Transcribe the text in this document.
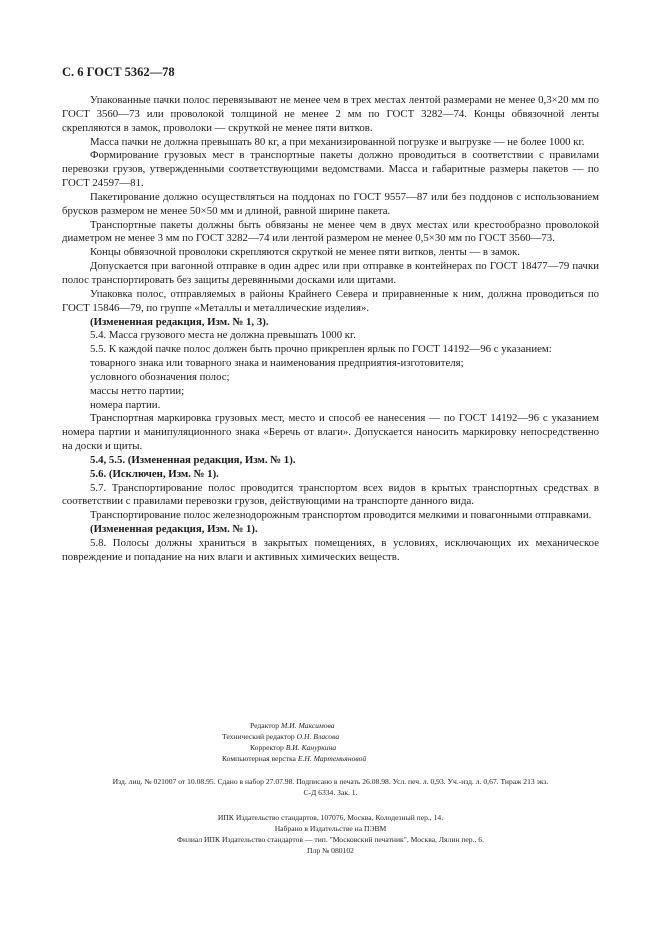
С. 6 ГОСТ 5362—78

Упакованные пачки полос перевязывают не менее чем в трех местах лентой размерами не менее 0,3×20 мм по ГОСТ 3560—73 или проволокой толщиной не менее 2 мм по ГОСТ 3282—74. Концы обвязочной ленты скрепляются в замок, проволоки — скруткой не менее пяти витков.

Масса пачки не должна превышать 80 кг, а при механизированной погрузке и выгрузке — не более 1000 кг.

Формирование грузовых мест в транспортные пакеты должно проводиться в соответствии с правилами перевозки грузов, утвержденными соответствующими ведомствами. Масса и габаритные размеры пакетов — по ГОСТ 24597—81.

Пакетирование должно осуществляться на поддонах по ГОСТ 9557—87 или без поддонов с использованием брусков размером не менее 50×50 мм и длиной, равной ширине пакета.

Транспортные пакеты должны быть обвязаны не менее чем в двух местах или крестообразно проволокой диаметром не менее 3 мм по ГОСТ 3282—74 или лентой размером не менее 0,5×30 мм по ГОСТ 3560—73.

Концы обвязочной проволоки скрепляются скруткой не менее пяти витков, ленты — в замок.

Допускается при вагонной отправке в один адрес или при отправке в контейнерах по ГОСТ 18477—79 пачки полос транспортировать без защиты деревянными досками или щитами.

Упаковка полос, отправляемых в районы Крайнего Севера и приравненные к ним, должна проводиться по ГОСТ 15846—79, по группе «Металлы и металлические изделия».

(Измененная редакция, Изм. № 1, 3).

5.4. Масса грузового места не должна превышать 1000 кг.

5.5. К каждой пачке полос должен быть прочно прикреплен ярлык по ГОСТ 14192—96 с указанием:

товарного знака или товарного знака и наименования предприятия-изготовителя;

условного обозначения полос;

массы нетто партии;

номера партии.

Транспортная маркировка грузовых мест, место и способ ее нанесения — по ГОСТ 14192—96 с указанием номера партии и манипуляционного знака «Беречь от влаги». Допускается наносить маркировку непосредственно на доски и щиты.

5.4, 5.5. (Измененная редакция, Изм. № 1).

5.6. (Исключен, Изм. № 1).

5.7. Транспортирование полос проводится транспортом всех видов в крытых транспортных средствах в соответствии с правилами перевозки грузов, действующими на транспорте данного вида.

Транспортирование полос железнодорожным транспортом проводится мелкими и повагонными отправками.

(Измененная редакция, Изм. № 1).

5.8. Полосы должны храниться в закрытых помещениях, в условиях, исключающих их механическое повреждение и попадание на них влаги и активных химических веществ.

Редактор М.И. Максимова
Технический редактор О.Н. Власова
Корректор В.И. Кануркина
Компьютерная верстка Е.Н. Мартемьяновой
Изд. лиц. № 021007 от 10.08.95. Сдано в набор 27.07.98. Подписано в печать 26.08.98. Усл. печ. л. 0,93. Уч.-изд. л. 0,67. Тираж 213 экз.
С-Д 6334. Зак. 1.
ИПК Издательство стандартов, 107076, Москва, Колодезный пер., 14.
Набрано в Издательстве на ПЭВМ
Филиал ИПК Издательство стандартов — тип. "Московский печатник", Москва, Лялин пер., 6.
Плр № 080102
